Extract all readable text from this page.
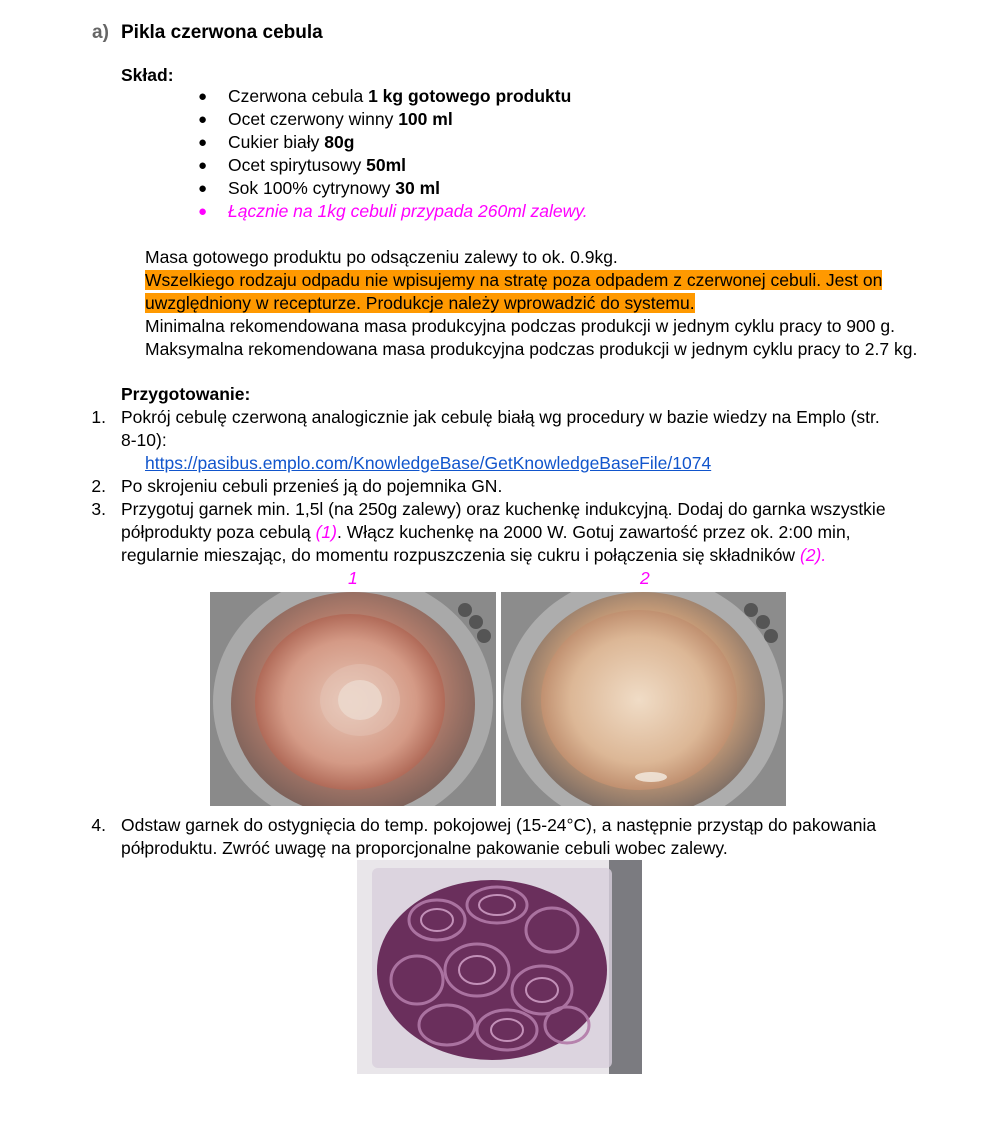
a) Pikla czerwona cebula
Skład:
● Czerwona cebula 1 kg gotowego produktu
● Ocet czerwony winny 100 ml
● Cukier biały 80g
● Ocet spirytusowy 50ml
● Sok 100% cytrynowy 30 ml
● Łącznie na 1kg cebuli przypada 260ml zalewy.
Masa gotowego produktu po odsączeniu zalewy to ok. 0.9kg.
Wszelkiego rodzaju odpadu nie wpisujemy na stratę poza odpadem z czerwonej cebuli. Jest on
uwzględniony w recepturze. Produkcje należy wprowadzić do systemu.
Minimalna rekomendowana masa produkcyjna podczas produkcji w jednym cyklu pracy to 900 g.
Maksymalna rekomendowana masa produkcyjna podczas produkcji w jednym cyklu pracy to 2.7 kg.
Przygotowanie:
1. Pokrój cebulę czerwoną analogicznie jak cebulę białą wg procedury w bazie wiedzy na Emplo (str.
8-10):
https://pasibus.emplo.com/KnowledgeBase/GetKnowledgeBaseFile/1074
2. Po skrojeniu cebuli przenieś ją do pojemnika GN.
3. Przygotuj garnek min. 1,5l (na 250g zalewy) oraz kuchenkę indukcyjną. Dodaj do garnka wszystkie
półprodukty poza cebulą (1). Włącz kuchenkę na 2000 W. Gotuj zawartość przez ok. 2:00 min,
regularnie mieszając, do momentu rozpuszczenia się cukru i połączenia się składników (2).
1	2
4. Odstaw garnek do ostygnięcia do temp. pokojowej (15-24°C), a następnie przystąp do pakowania
półproduktu. Zwróć uwagę na proporcjonalne pakowanie cebuli wobec zalewy.
